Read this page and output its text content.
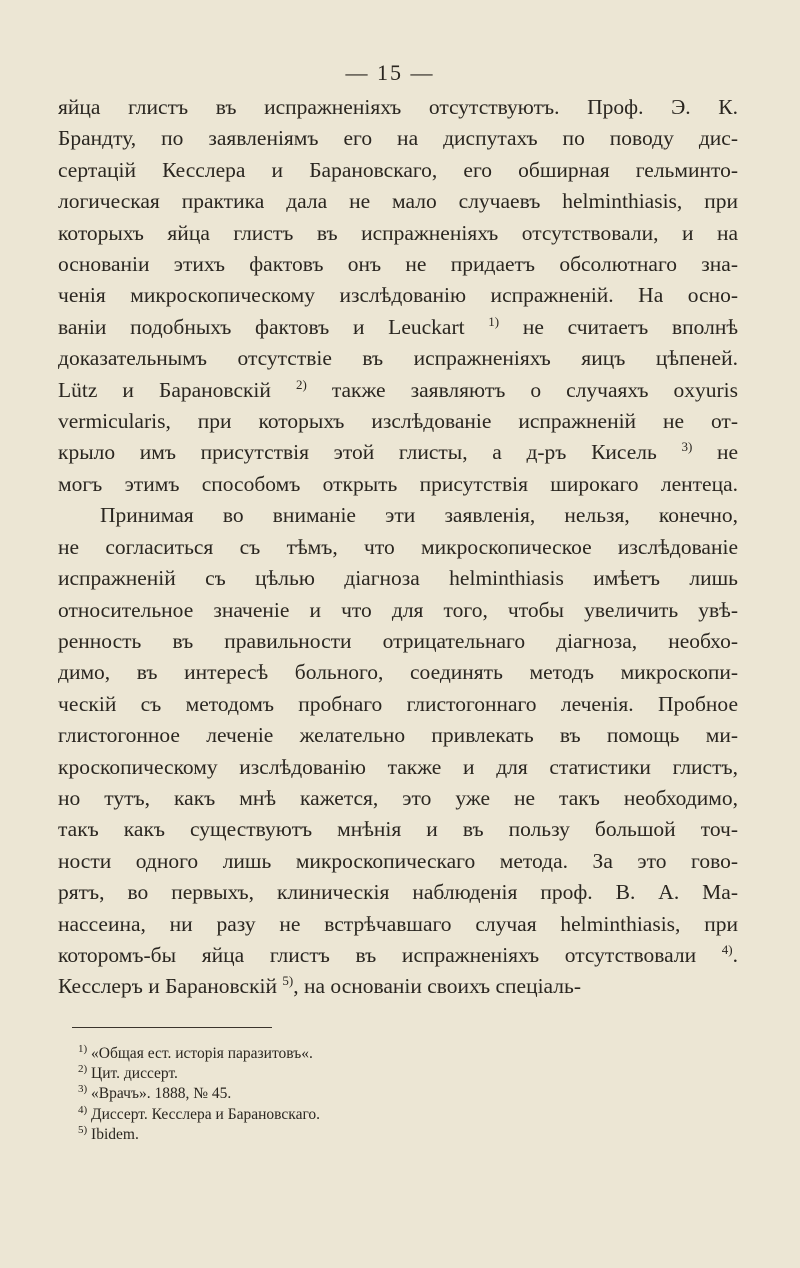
— 15 —
яйца глистъ въ испражненіяхъ отсутствуютъ. Проф. Э. К.
Брандту, по заявленіямъ его на диспутахъ по поводу дис-
сертацій Кесслера и Барановскаго, его обширная гельминто-
логическая практика дала не мало случаевъ helminthiasis, при
которыхъ яйца глистъ въ испражненіяхъ отсутствовали, и на
основаніи этихъ фактовъ онъ не придаетъ обсолютнаго зна-
ченія микроскопическому изслѣдованію испражненій. На осно-
ваніи подобныхъ фактовъ и Leuckart $^{1)}$ не считаетъ вполнѣ
доказательнымъ отсутствіе въ испражненіяхъ яицъ цѣпеней.
Lütz и Барановскій $^{2)}$ также заявляютъ о случаяхъ oxyuris
vermicularis, при которыхъ изслѣдованіе испражненій не от-
крыло имъ присутствія этой глисты, а д-ръ Кисель $^{3)}$ не
могъ этимъ способомъ открыть присутствія широкаго лентеца.
Принимая во вниманіе эти заявленія, нельзя, конечно,
не согласиться съ тѣмъ, что микроскопическое изслѣдованіе
испражненій съ цѣлью діагноза helminthiasis имѣетъ лишь
относительное значеніе и что для того, чтобы увеличить увѣ-
ренность въ правильности отрицательнаго діагноза, необхо-
димо, въ интересѣ больного, соединять методъ микроскопи-
ческій съ методомъ пробнаго глистогоннаго леченія. Пробное
глистогонное леченіе желательно привлекать въ помощь ми-
кроскопическому изслѣдованію также и для статистики глистъ,
но тутъ, какъ мнѣ кажется, это уже не такъ необходимо,
такъ какъ существуютъ мнѣнія и въ пользу большой точ-
ности одного лишь микроскопическаго метода. За это гово-
рятъ, во первыхъ, клиническія наблюденія проф. В. А. Ма-
нассеина, ни разу не встрѣчавшаго случая helminthiasis, при
которомъ-бы яйца глистъ въ испражненіяхъ отсутствовали $^{4)}$.
Кесслеръ и Барановскій $^{5)}$, на основаніи своихъ спеціаль-
$^{1)}$ «Общая ест. исторія паразитовъ«.
$^{2)}$ Цит. диссерт.
$^{3)}$ «Врачъ». 1888, № 45.
$^{4)}$ Диссерт. Кесслера и Барановскаго.
$^{5)}$ Ibidem.
